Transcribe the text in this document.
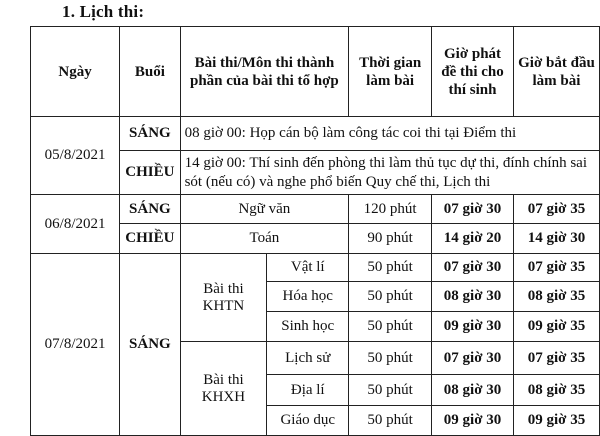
1. Lịch thi:
Ngày	Buổi	Bài thi/Môn thi thành phần của bài thi tổ hợp		Thời gian làm bài	Giờ phát đề thi cho thí sinh	Giờ bắt đầu làm bài
05/8/2021	SÁNG	08 giờ 00: Họp cán bộ làm công tác coi thi tại Điểm thi				
	CHIỀU	14 giờ 00: Thí sinh đến phòng thi làm thủ tục dự thi, đính chính sai sót (nếu có) và nghe phổ biến Quy chế thi, Lịch thi				
06/8/2021	SÁNG	Ngữ văn		120 phút	07 giờ 30	07 giờ 35
	CHIỀU	Toán		90 phút	14 giờ 20	14 giờ 30
07/8/2021	SÁNG	Bài thi KHTN	Vật lí	50 phút	07 giờ 30	07 giờ 35
			Hóa học	50 phút	08 giờ 30	08 giờ 35
			Sinh học	50 phút	09 giờ 30	09 giờ 35
		Bài thi KHXH	Lịch sử	50 phút	07 giờ 30	07 giờ 35
			Địa lí	50 phút	08 giờ 30	08 giờ 35
			Giáo dục	50 phút	09 giờ 30	09 giờ 35
